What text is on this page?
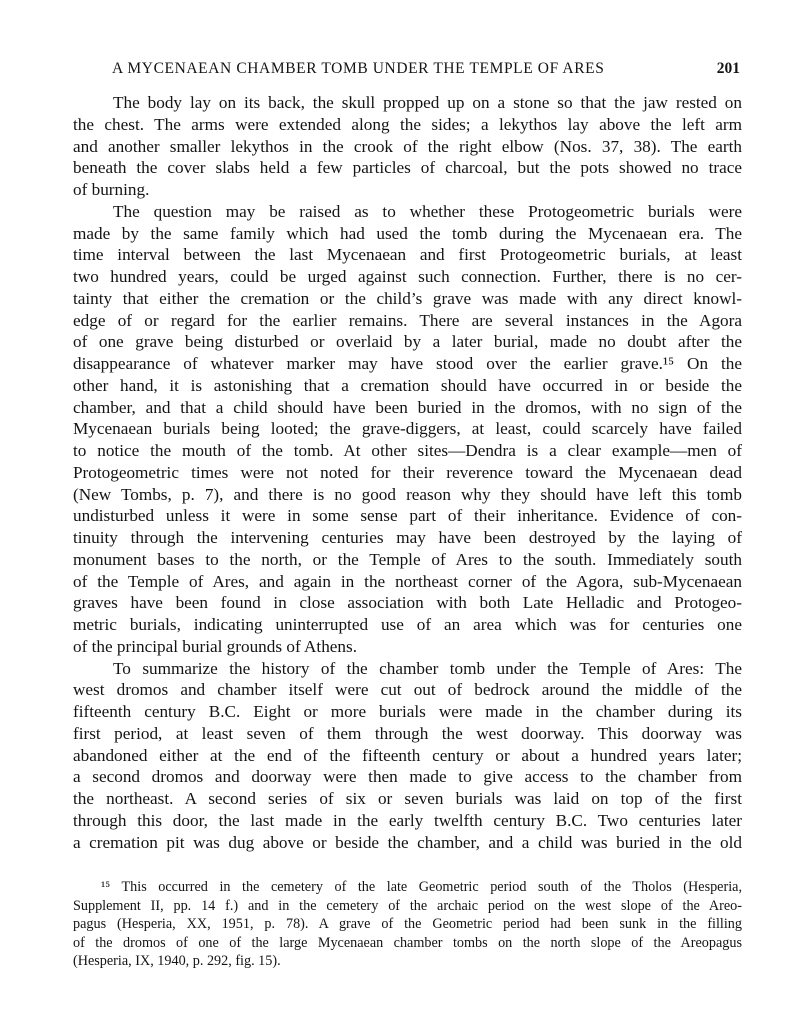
A MYCENAEAN CHAMBER TOMB UNDER THE TEMPLE OF ARES	201
The body lay on its back, the skull propped up on a stone so that the jaw rested on
the chest. The arms were extended along the sides; a lekythos lay above the left arm
and another smaller lekythos in the crook of the right elbow (Nos. 37, 38). The earth
beneath the cover slabs held a few particles of charcoal, but the pots showed no trace
of burning.
The question may be raised as to whether these Protogeometric burials were
made by the same family which had used the tomb during the Mycenaean era. The
time interval between the last Mycenaean and first Protogeometric burials, at least
two hundred years, could be urged against such connection. Further, there is no cer-
tainty that either the cremation or the child’s grave was made with any direct knowl-
edge of or regard for the earlier remains. There are several instances in the Agora
of one grave being disturbed or overlaid by a later burial, made no doubt after the
disappearance of whatever marker may have stood over the earlier grave.¹⁵ On the
other hand, it is astonishing that a cremation should have occurred in or beside the
chamber, and that a child should have been buried in the dromos, with no sign of the
Mycenaean burials being looted; the grave-diggers, at least, could scarcely have failed
to notice the mouth of the tomb. At other sites—Dendra is a clear example—men of
Protogeometric times were not noted for their reverence toward the Mycenaean dead
(New Tombs, p. 7), and there is no good reason why they should have left this tomb
undisturbed unless it were in some sense part of their inheritance. Evidence of con-
tinuity through the intervening centuries may have been destroyed by the laying of
monument bases to the north, or the Temple of Ares to the south. Immediately south
of the Temple of Ares, and again in the northeast corner of the Agora, sub-Mycenaean
graves have been found in close association with both Late Helladic and Protogeo-
metric burials, indicating uninterrupted use of an area which was for centuries one
of the principal burial grounds of Athens.
To summarize the history of the chamber tomb under the Temple of Ares: The
west dromos and chamber itself were cut out of bedrock around the middle of the
fifteenth century B.C. Eight or more burials were made in the chamber during its
first period, at least seven of them through the west doorway. This doorway was
abandoned either at the end of the fifteenth century or about a hundred years later;
a second dromos and doorway were then made to give access to the chamber from
the northeast. A second series of six or seven burials was laid on top of the first
through this door, the last made in the early twelfth century B.C. Two centuries later
a cremation pit was dug above or beside the chamber, and a child was buried in the old
¹⁵ This occurred in the cemetery of the late Geometric period south of the Tholos (Hesperia,
Supplement II, pp. 14 f.) and in the cemetery of the archaic period on the west slope of the Areo-
pagus (Hesperia, XX, 1951, p. 78). A grave of the Geometric period had been sunk in the filling
of the dromos of one of the large Mycenaean chamber tombs on the north slope of the Areopagus
(Hesperia, IX, 1940, p. 292, fig. 15).
